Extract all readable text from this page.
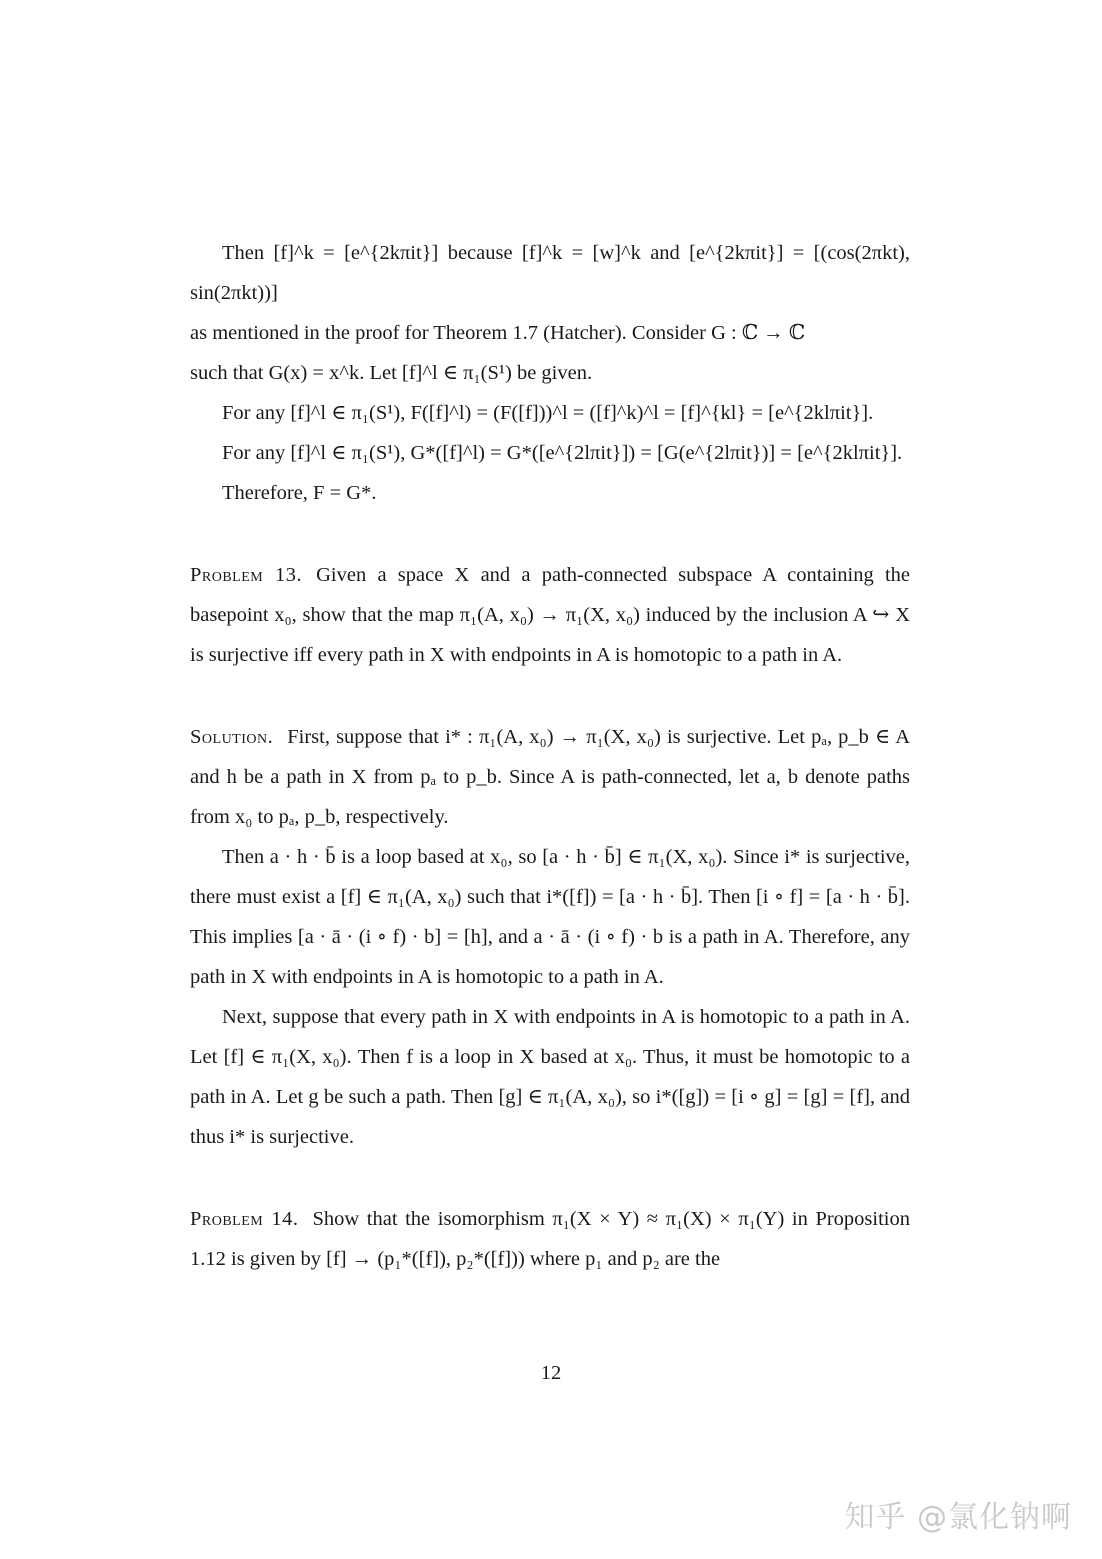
Then [f]^k = [e^{2kπit}] because [f]^k = [w]^k and [e^{2kπit}] = [(cos(2πkt), sin(2πkt))]

as mentioned in the proof for Theorem 1.7 (Hatcher). Consider G : ℂ → ℂ

such that G(x) = x^k. Let [f]^l ∈ π₁(S¹) be given.

For any [f]^l ∈ π₁(S¹), F([f]^l) = (F([f]))^l = ([f]^k)^l = [f]^{kl} = [e^{2klπit}].

For any [f]^l ∈ π₁(S¹), G*([f]^l) = G*([e^{2lπit}]) = [G(e^{2lπit})] = [e^{2klπit}].

Therefore, F = G*.

Problem 13. Given a space X and a path-connected subspace A containing the basepoint x₀, show that the map π₁(A, x₀) → π₁(X, x₀) induced by the inclusion A ↪ X is surjective iff every path in X with endpoints in A is homotopic to a path in A.

Solution. First, suppose that i* : π₁(A, x₀) → π₁(X, x₀) is surjective. Let pₐ, p_b ∈ A and h be a path in X from pₐ to p_b. Since A is path-connected, let a, b denote paths from x₀ to pₐ, p_b, respectively.

Then a · h · b̄ is a loop based at x₀, so [a · h · b̄] ∈ π₁(X, x₀). Since i* is surjective, there must exist a [f] ∈ π₁(A, x₀) such that i*([f]) = [a · h · b̄]. Then [i ∘ f] = [a · h · b̄]. This implies [a · ā · (i ∘ f) · b] = [h], and a · ā · (i ∘ f) · b is a path in A. Therefore, any path in X with endpoints in A is homotopic to a path in A.

Next, suppose that every path in X with endpoints in A is homotopic to a path in A. Let [f] ∈ π₁(X, x₀). Then f is a loop in X based at x₀. Thus, it must be homotopic to a path in A. Let g be such a path. Then [g] ∈ π₁(A, x₀), so i*([g]) = [i ∘ g] = [g] = [f], and thus i* is surjective.

Problem 14. Show that the isomorphism π₁(X × Y) ≈ π₁(X) × π₁(Y) in Proposition 1.12 is given by [f] → (p₁*([f]), p₂*([f])) where p₁ and p₂ are the

12
知乎 @氯化钠啊
